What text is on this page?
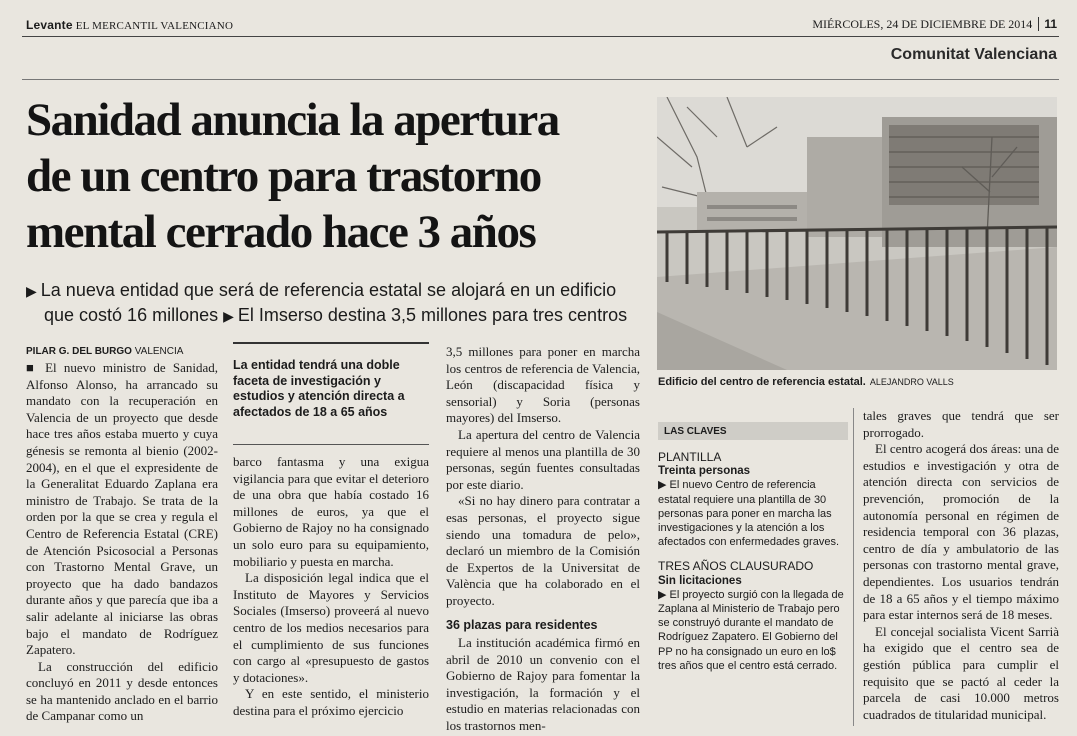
Levante EL MERCANTIL VALENCIANO	MIÉRCOLES, 24 DE DICIEMBRE DE 2014 11
Comunitat Valenciana
Sanidad anuncia la apertura
de un centro para trastorno
mental cerrado hace 3 años
▶ La nueva entidad que será de referencia estatal se alojará en un edificio
que costó 16 millones ▶ El Imserso destina 3,5 millones para tres centros
Edificio del centro de referencia estatal. ALEJANDRO VALLS
PILAR G. DEL BURGO VALENCIA

■ El nuevo ministro de Sanidad, Alfonso Alonso, ha arrancado su mandato con la recuperación en Valencia de un proyecto que desde hace tres años estaba muerto y cuya génesis se remonta al bienio (2002-2004), en el que el expresidente de la Generalitat Eduardo Zaplana era ministro de Trabajo. Se trata de la orden por la que se crea y regula el Centro de Referencia Estatal (CRE) de Atención Psicosocial a Personas con Trastorno Mental Grave, un proyecto que ha dado bandazos durante años y que parecía que iba a salir adelante al iniciarse las obras bajo el mandato de Rodríguez Zapatero.

La construcción del edificio concluyó en 2011 y desde entonces se ha mantenido anclado en el barrio de Campanar como un

La entidad tendrá una doble faceta de investigación y estudios y atención directa a afectados de 18 a 65 años

barco fantasma y una exigua vigilancia para que evitar el deterioro de una obra que había costado 16 millones de euros, ya que el Gobierno de Rajoy no ha consignado un solo euro para su equipamiento, mobiliario y puesta en marcha.

La disposición legal indica que el Instituto de Mayores y Servicios Sociales (Imserso) proveerá al nuevo centro de los medios necesarios para el cumplimiento de sus funciones con cargo al «presupuesto de gastos y dotaciones».

Y en este sentido, el ministerio destina para el próximo ejercicio

3,5 millones para poner en marcha los centros de referencia de Valencia, León (discapacidad física y sensorial) y Soria (personas mayores) del Imserso.

La apertura del centro de Valencia requiere al menos una plantilla de 30 personas, según fuentes consultadas por este diario.

«Si no hay dinero para contratar a esas personas, el proyecto sigue siendo una tomadura de pelo», declaró un miembro de la Comisión de Expertos de la Universitat de València que ha colaborado en el proyecto.

36 plazas para residentes

La institución académica firmó en abril de 2010 un convenio con el Gobierno de Rajoy para fomentar la investigación, la formación y el estudio en materias relacionadas con los trastornos men-

LAS CLAVES
PLANTILLA
Treinta personas

▶ El nuevo Centro de referencia estatal requiere una plantilla de 30 personas para poner en marcha las investigaciones y la atención a los afectados con enfermedades graves.

TRES AÑOS CLAUSURADO
Sin licitaciones

▶ El proyecto surgió con la llegada de Zaplana al Ministerio de Trabajo pero se construyó durante el mandato de Rodríguez Zapatero. El Gobierno del PP no ha consignado un euro en lo$ tres años que el centro está cerrado.

tales graves que tendrá que ser prorrogado.

El centro acogerá dos áreas: una de estudios e investigación y otra de atención directa con servicios de prevención, promoción de la autonomía personal en régimen de residencia temporal con 36 plazas, centro de día y ambulatorio de las personas con trastorno mental grave, dependientes. Los usuarios tendrán de 18 a 65 años y el tiempo máximo para estar internos será de 18 meses.

El concejal socialista Vicent Sarrià ha exigido que el centro sea de gestión pública para cumplir el requisito que se pactó al ceder la parcela de casi 10.000 metros cuadrados de titularidad municipal.
